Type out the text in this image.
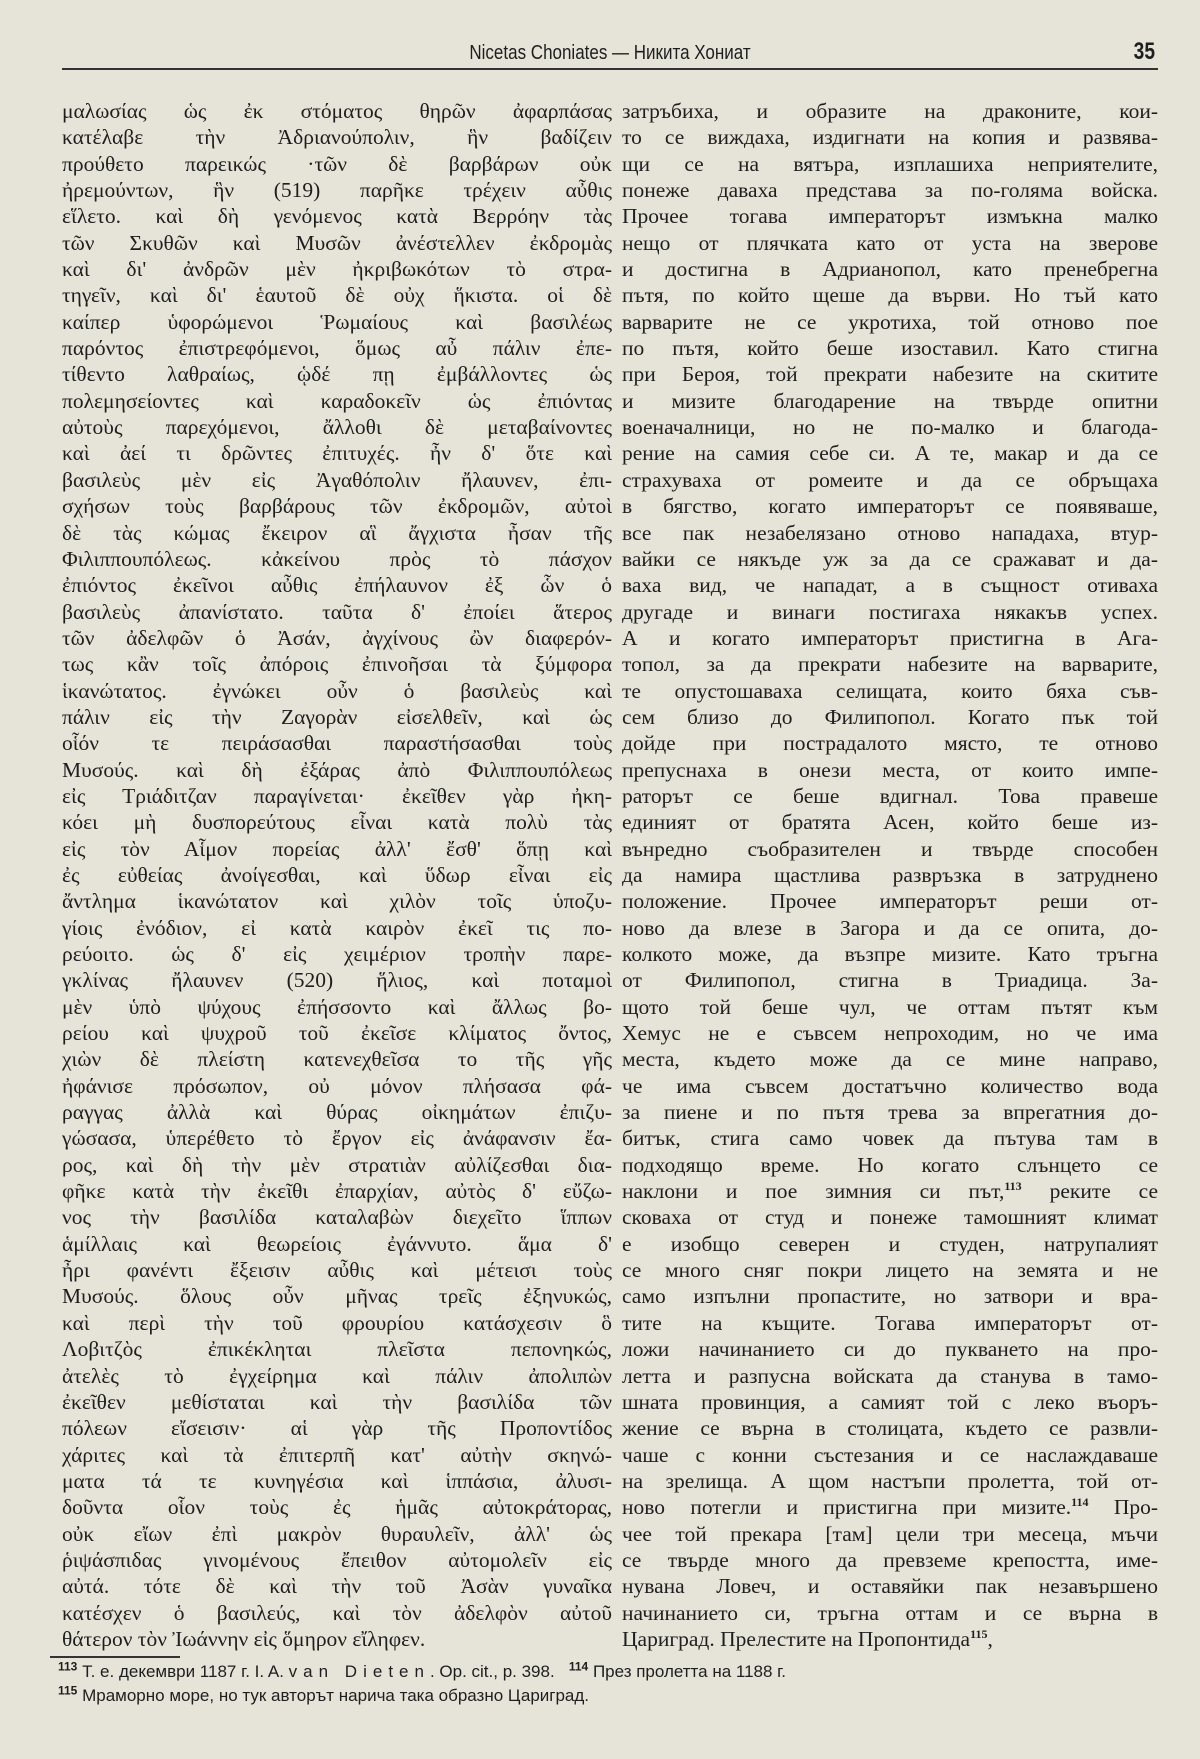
Nicetas Choniates — Никита Хониат	35
μαλωσίας ὡς ἐκ στόματος θηρῶν ἀφαρπάσας
κατέλαβε τὴν Ἀδριανούπολιν, ἣν βαδίζειν
προύθετο παρεικώς ·τῶν δὲ βαρβάρων οὐκ
ἠρεμούντων, ἣν (519) παρῆκε τρέχειν αὖθις
εἵλετο. καὶ δὴ γενόμενος κατὰ Βερρόην τὰς
τῶν Σκυθῶν καὶ Μυσῶν ἀνέστελλεν ἐκδρομὰς
καὶ δι' ἀνδρῶν μὲν ἠκριβωκότων τὸ στρα-
τηγεῖν, καὶ δι' ἑαυτοῦ δὲ οὐχ ἥκιστα. οἱ δὲ
καίπερ ὑφορώμενοι Ῥωμαίους καὶ βασιλέως
παρόντος ἐπιστρεφόμενοι, ὅμως αὖ πάλιν ἐπε-
τίθεντο λαθραίως, ᾡδέ πῃ ἐμβάλλοντες ὡς
πολεμησείοντες καὶ καραδοκεῖν ὡς ἐπιόντας
αὐτοὺς παρεχόμενοι, ἄλλοθι δὲ μεταβαίνοντες
καὶ ἀεί τι δρῶντες ἐπιτυχές. ἦν δ' ὅτε καὶ
βασιλεὺς μὲν εἰς Ἀγαθόπολιν ἤλαυνεν, ἐπι-
σχήσων τοὺς βαρβάρους τῶν ἐκδρομῶν, αὐτοὶ
δὲ τὰς κώμας ἔκειρον αἳ ἄγχιστα ἦσαν τῆς
Φιλιππουπόλεως. κἀκείνου πρὸς τὸ πάσχον
ἐπιόντος ἐκεῖνοι αὖθις ἐπήλαυνον ἐξ ὧν ὁ
βασιλεὺς ἀπανίστατο. ταῦτα δ' ἐποίει ἅτερος
τῶν ἀδελφῶν ὁ Ἀσάν, ἀγχίνους ὢν διαφερόν-
τως κἂν τοῖς ἀπόροις ἐπινοῆσαι τὰ ξύμφορα
ἱκανώτατος. ἐγνώκει οὖν ὁ βασιλεὺς καὶ
πάλιν εἰς τὴν Ζαγορὰν εἰσελθεῖν, καὶ ὡς
οἷόν τε πειράσασθαι παραστήσασθαι τοὺς
Μυσούς. καὶ δὴ ἐξάρας ἀπὸ Φιλιππουπόλεως
εἰς Τριάδιτζαν παραγίνεται· ἐκεῖθεν γὰρ ἠκη-
κόει μὴ δυσπορεύτους εἶναι κατὰ πολὺ τὰς
εἰς τὸν Αἷμον πορείας ἀλλ' ἔσθ' ὅπῃ καὶ
ἐς εὐθείας ἀνοίγεσθαι, καὶ ὕδωρ εἶναι εἰς
ἄντλημα ἱκανώτατον καὶ χιλὸν τοῖς ὑποζυ-
γίοις ἐνόδιον, εἰ κατὰ καιρὸν ἐκεῖ τις πο-
ρεύοιτο. ὡς δ' εἰς χειμέριον τροπὴν παρε-
γκλίνας ἤλαυνεν (520) ἥλιος, καὶ ποταμοὶ
μὲν ὑπὸ ψύχους ἐπήσσοντο καὶ ἄλλως βο-
ρείου καὶ ψυχροῦ τοῦ ἐκεῖσε κλίματος ὄντος,
χιὼν δὲ πλείστη κατενεχθεῖσα το τῆς γῆς
ἠφάνισε πρόσωπον, οὐ μόνον πλήσασα φά-
ραγγας ἀλλὰ καὶ θύρας οἰκημάτων ἐπιζυ-
γώσασα, ὑπερέθετο τὸ ἔργον εἰς ἀνάφανσιν ἔα-
ρος, καὶ δὴ τὴν μὲν στρατιὰν αὐλίζεσθαι δια-
φῆκε κατὰ τὴν ἐκεῖθι ἐπαρχίαν, αὐτὸς δ' εὔζω-
νος τὴν βασιλίδα καταλαβὼν διεχεῖτο ἵππων
ἁμίλλαις καὶ θεωρείοις ἐγάννυτο. ἅμα δ'
ἦρι φανέντι ἔξεισιν αὖθις καὶ μέτεισι τοὺς
Μυσούς. ὅλους οὖν μῆνας τρεῖς ἐξηνυκώς,
καὶ περὶ τὴν τοῦ φρουρίου κατάσχεσιν ὃ
Λοβιτζὸς ἐπικέκληται πλεῖστα πεπονηκώς,
ἀτελὲς τὸ ἐγχείρημα καὶ πάλιν ἀπολιπὼν
ἐκεῖθεν μεθίσταται καὶ τὴν βασιλίδα τῶν
πόλεων εἴσεισιν· αἱ γὰρ τῆς Προποντίδος
χάριτες καὶ τὰ ἐπιτερπῆ κατ' αὐτὴν σκηνώ-
ματα τά τε κυνηγέσια καὶ ἱππάσια, ἀλυσι-
δοῦντα οἷον τοὺς ἐς ἡμᾶς αὐτοκράτορας,
οὐκ εἴων ἐπὶ μακρὸν θυραυλεῖν, ἀλλ' ὡς
ῥιψάσπιδας γινομένους ἔπειθον αὐτομολεῖν εἰς
αὐτά. τότε δὲ καὶ τὴν τοῦ Ἀσὰν γυναῖκα
κατέσχεν ὁ βασιλεύς, καὶ τὸν ἀδελφὸν αὐτοῦ
θάτερον τὸν Ἰωάννην εἰς ὅμηρον εἴληφεν.
затръбиха, и образите на драконите, кои-
то се виждаха, издигнати на копия и развява-
щи се на вятъра, изплашиха неприятелите,
понеже даваха представа за по-голяма войска.
Прочее тогава императорът измъкна малко
нещо от плячката като от уста на зверове
и достигна в Адрианопол, като пренебрегна
пътя, по който щеше да върви. Но тъй като
варварите не се укротиха, той отново пое
по пътя, който беше изоставил. Като стигна
при Бероя, той прекрати набезите на скитите
и мизите благодарение на твърде опитни
военачалници, но не по-малко и благода-
рение на самия себе си. А те, макар и да се
страхуваха от ромеите и да се обръщаха
в бягство, когато императорът се появяваше,
все пак незабелязано отново нападаха, втур-
вайки се някъде уж за да се сражават и да-
ваха вид, че нападат, а в същност отиваха
другаде и винаги постигаха някакъв успех.
А и когато императорът пристигна в Ага-
топол, за да прекрати набезите на варварите,
те опустошаваха селищата, които бяха съв-
сем близо до Филипопол. Когато пък той
дойде при пострадалото място, те отново
препуснаха в онези места, от които импе-
раторът се беше вдигнал. Това правеше
единият от братята Асен, който беше из-
вънредно съобразителен и твърде способен
да намира щастлива развръзка в затруднено
положение. Прочее императорът реши от-
ново да влезе в Загора и да се опита, до-
колкото може, да възпре мизите. Като тръгна
от Филипопол, стигна в Триадица. За-
щото той беше чул, че оттам пътят към
Хемус не е съвсем непроходим, но че има
места, където може да се мине направо,
че има съвсем достатъчно количество вода
за пиене и по пътя трева за впрегатния до-
битък, стига само човек да пътува там в
подходящо време. Но когато слънцето се
наклони и пое зимния си път,$^{113}$ реките се
сковаха от студ и понеже тамошният климат
е изобщо северен и студен, натрупалият
се много сняг покри лицето на земята и не
само изпълни пропастите, но затвори и вра-
тите на къщите. Тогава императорът от-
ложи начинанието си до пукването на про-
летта и разпусна войската да станува в тамо-
шната провинция, а самият той с леко въоръ-
жение се върна в столицата, където се развли-
чаше с конни състезания и се наслаждаваше
на зрелища. А щом настъпи пролетта, той от-
ново потегли и пристигна при мизите.$^{114}$ Про-
чее той прекара [там] цели три месеца, мъчи
се твърде много да превземе крепостта, име-
нувана Ловеч, и оставяйки пак незавършено
начинанието си, тръгна оттам и се върна в
Цариград. Прелестите на Пропонтида$^{115}$,
$^{113}$ Т. е. декември 1187 г. I. A. van Dieten. Op. cit., p. 398. $^{114}$ През пролетта на 1188 г.
$^{115}$ Мраморно море, но тук авторът нарича така образно Цариград.
